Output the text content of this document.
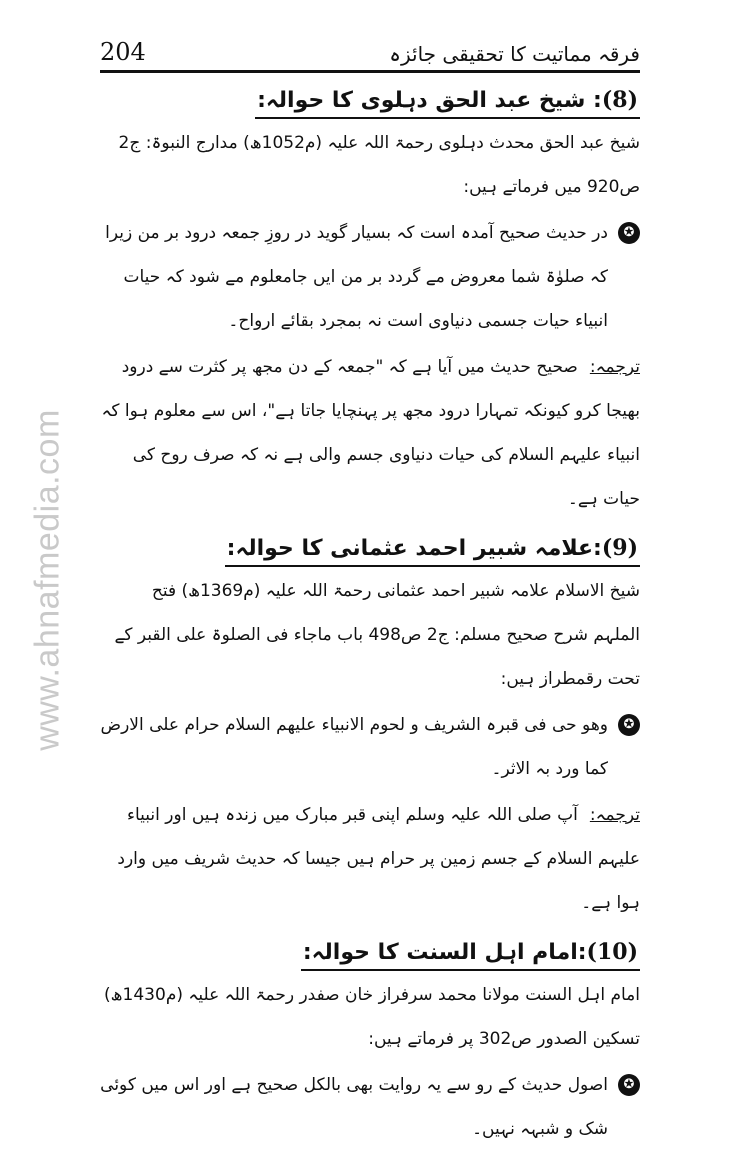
www.ahnafmedia.com
204	فرقہ مماتیت کا تحقیقی جائزہ
(8): شیخ عبد الحق دہلوی کا حوالہ:

شیخ عبد الحق محدث دہلوی رحمۃ اللہ علیہ (م1052ھ) مدارج النبوۃ: ج2 ص920 میں فرماتے ہیں:

✪
در حدیث صحیح آمدہ است کہ بسیار گوید در روزِ جمعہ درود بر من زیرا کہ صلوٰۃ شما معروض مے گردد بر من ایں جامعلوم مے شود کہ حیات انبیاء حیات جسمی دنیاوی است نہ بمجرد بقائے ارواح۔

ترجمہ:صحیح حدیث میں آیا ہے کہ "جمعہ کے دن مجھ پر کثرت سے درود بھیجا کرو کیونکہ تمہارا درود مجھ پر پہنچایا جاتا ہے"، اس سے معلوم ہوا کہ انبیاء علیہم السلام کی حیات دنیاوی جسم والی ہے نہ کہ صرف روح کی حیات ہے۔

(9):علامہ شبیر احمد عثمانی کا حوالہ:

شیخ الاسلام علامہ شبیر احمد عثمانی رحمۃ اللہ علیہ (م1369ھ) فتح الملہم شرح صحیح مسلم: ج2 ص498 باب ماجاء فی الصلوۃ علی القبر کے تحت رقمطراز ہیں:

✪
وھو حی فی قبرہ الشریف و لحوم الانبیاء علیھم السلام حرام علی الارض کما ورد بہ الاثر۔

ترجمہ:آپ صلی اللہ علیہ وسلم اپنی قبر مبارک میں زندہ ہیں اور انبیاء علیہم السلام کے جسم زمین پر حرام ہیں جیسا کہ حدیث شریف میں وارد ہوا ہے۔

(10):امام اہل السنت کا حوالہ:

امام اہل السنت مولانا محمد سرفراز خان صفدر رحمۃ اللہ علیہ (م1430ھ) تسکین الصدور ص302 پر فرماتے ہیں:

✪
اصول حدیث کے رو سے یہ روایت بھی بالکل صحیح ہے اور اس میں کوئی شک و شبہہ نہیں۔
